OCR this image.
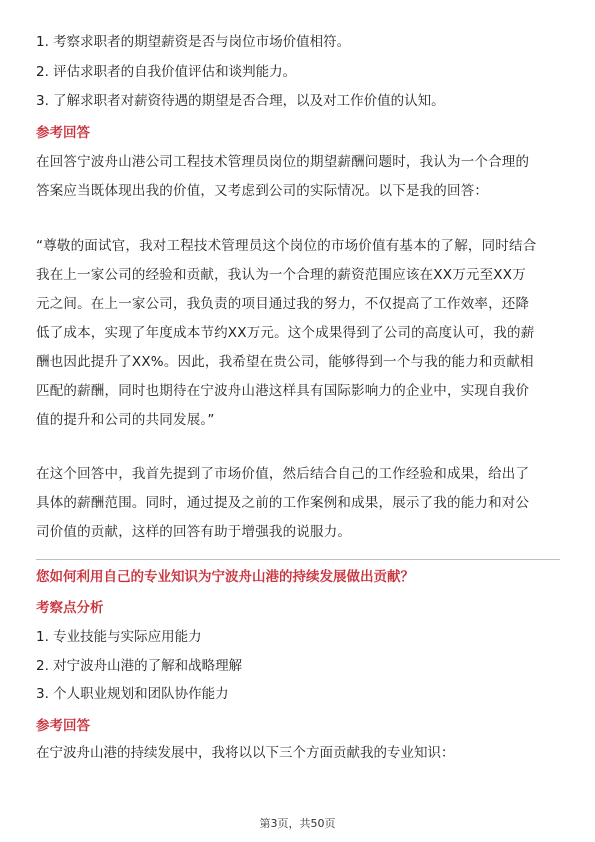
1. 考察求职者的期望薪资是否与岗位市场价值相符。

2. 评估求职者的自我价值评估和谈判能力。

3. 了解求职者对薪资待遇的期望是否合理，以及对工作价值的认知。

参考回答
在回答宁波舟山港公司工程技术管理员岗位的期望薪酬问题时，我认为一个合理的
答案应当既体现出我的价值，又考虑到公司的实际情况。以下是我的回答：
“尊敬的面试官，我对工程技术管理员这个岗位的市场价值有基本的了解，同时结合
我在上一家公司的经验和贡献，我认为一个合理的薪资范围应该在XX万元至XX万
元之间。在上一家公司，我负责的项目通过我的努力，不仅提高了工作效率，还降
低了成本，实现了年度成本节约XX万元。这个成果得到了公司的高度认可，我的薪
酬也因此提升了XX%。因此，我希望在贵公司，能够得到一个与我的能力和贡献相
匹配的薪酬，同时也期待在宁波舟山港这样具有国际影响力的企业中，实现自我价
值的提升和公司的共同发展。”
在这个回答中，我首先提到了市场价值，然后结合自己的工作经验和成果，给出了
具体的薪酬范围。同时，通过提及之前的工作案例和成果，展示了我的能力和对公
司价值的贡献，这样的回答有助于增强我的说服力。
您如何利用自己的专业知识为宁波舟山港的持续发展做出贡献？
考察点分析

1. 专业技能与实际应用能力

2. 对宁波舟山港的了解和战略理解

3. 个人职业规划和团队协作能力

参考回答

在宁波舟山港的持续发展中，我将以以下三个方面贡献我的专业知识：

第3页，共50页
